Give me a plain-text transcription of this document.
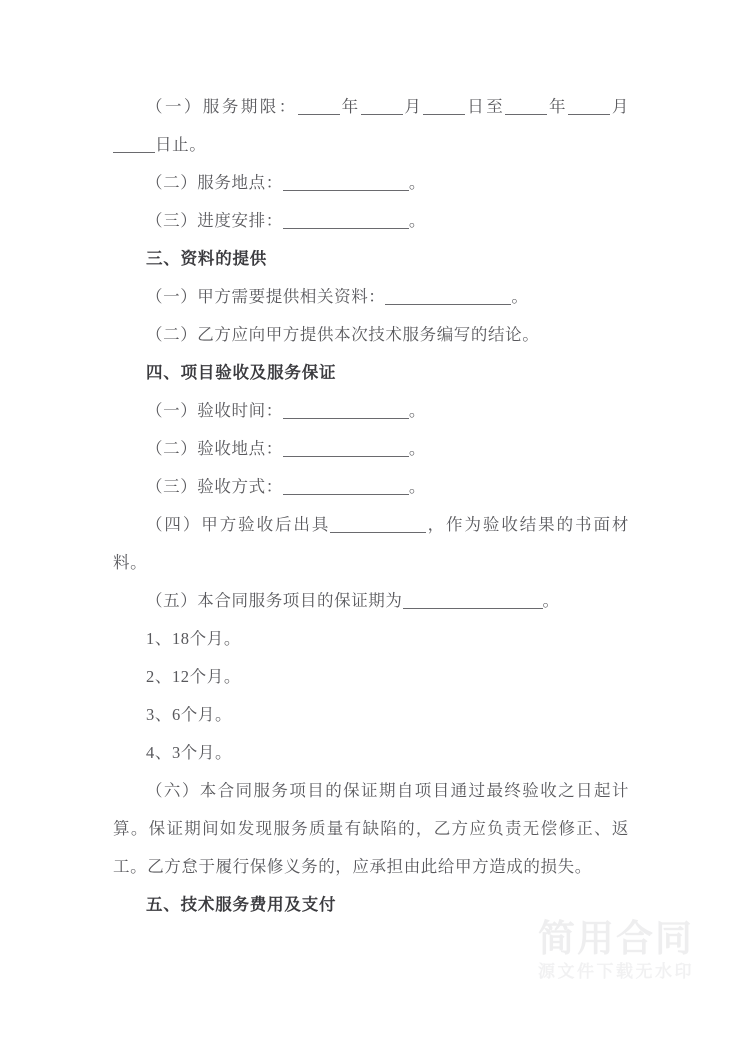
（一）服务期限：	年	月	日至	年	月日止。

（二）服务地点：	。

（三）进度安排：	。

三、资料的提供

（一）甲方需要提供相关资料：	。

（二）乙方应向甲方提供本次技术服务编写的结论。

四、项目验收及服务保证

（一）验收时间：	。

（二）验收地点：	。

（三）验收方式：	。

（四）甲方验收后出具	，作为验收结果的书面材料。

（五）本合同服务项目的保证期为	。

1、18个月。

2、12个月。

3、6个月。

4、3个月。

（六）本合同服务项目的保证期自项目通过最终验收之日起计算。保证期间如发现服务质量有缺陷的，乙方应负责无偿修正、返工。乙方怠于履行保修义务的，应承担由此给甲方造成的损失。

五、技术服务费用及支付
简用合同
源文件下载无水印
